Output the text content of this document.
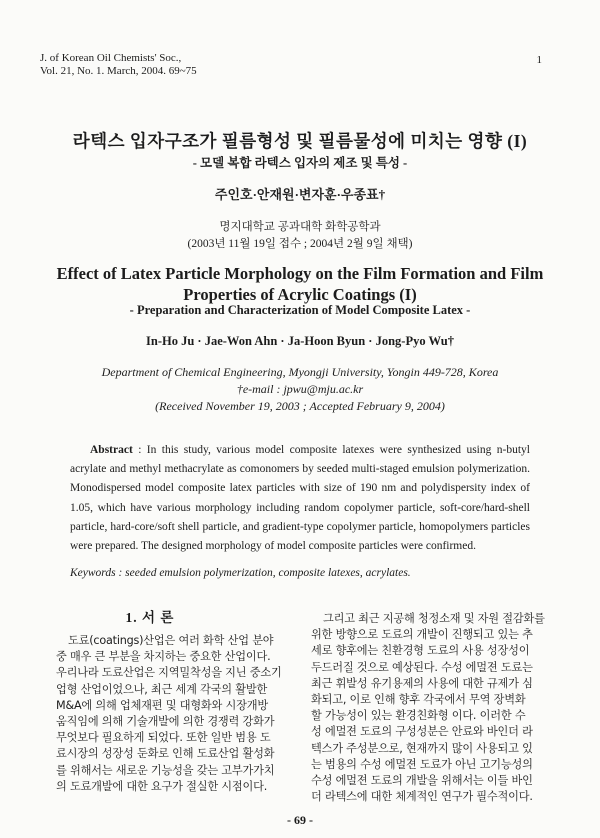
J. of Korean Oil Chemists' Soc.,
Vol. 21, No. 1. March, 2004. 69~75
1
라텍스 입자구조가 필름형성 및 필름물성에 미치는 영향 (I)
- 모델 복합 라텍스 입자의 제조 및 특성 -
주인호·안재원·변자훈·우종표†
명지대학교 공과대학 화학공학과
(2003년 11월 19일 접수 ; 2004년 2월 9일 채택)
Effect of Latex Particle Morphology on the Film Formation and Film
Properties of Acrylic Coatings (I)
- Preparation and Characterization of Model Composite Latex -
In-Ho Ju · Jae-Won Ahn · Ja-Hoon Byun · Jong-Pyo Wu†
Department of Chemical Engineering, Myongji University, Yongin 449-728, Korea
†e-mail : jpwu@mju.ac.kr
(Received November 19, 2003 ; Accepted February 9, 2004)
Abstract : In this study, various model composite latexes were synthesized using n-butyl acrylate and methyl methacrylate as comonomers by seeded multi-staged emulsion polymerization. Monodispersed model composite latex particles with size of 190 nm and polydispersity index of 1.05, which have various morphology including random copolymer particle, soft-core/hard-shell particle, hard-core/soft shell particle, and gradient-type copolymer particle, homopolymers particles were prepared. The designed morphology of model composite particles were confirmed.
Keywords : seeded emulsion polymerization, composite latexes, acrylates.
1. 서 론
도료(coatings)산업은 여러 화학 산업 분야
중 매우 큰 부분을 차지하는 중요한 산업이다.
우리나라 도료산업은 지역밀착성을 지닌 중소기
업형 산업이었으나, 최근 세계 각국의 활발한
M&A에 의해 업체재편 및 대형화와 시장개방
움직임에 의해 기술개발에 의한 경쟁력 강화가
무엇보다 필요하게 되었다. 또한 일반 범용 도
료시장의 성장성 둔화로 인해 도료산업 활성화
를 위해서는 새로운 기능성을 갖는 고부가가치
의 도료개발에 대한 요구가 절실한 시점이다.
그리고 최근 지공해 청정소재 및 자원 절감화를
위한 방향으로 도료의 개발이 진행되고 있는 추
세로 향후에는 친환경형 도료의 사용 성장성이
두드러질 것으로 예상된다. 수성 에멀젼 도료는
최근 휘발성 유기용제의 사용에 대한 규제가 심
화되고, 이로 인해 향후 각국에서 무역 장벽화
할 가능성이 있는 환경친화형 이다. 이러한 수
성 에멀젼 도료의 구성성분은 안료와 바인더 라
텍스가 주성분으로, 현재까지 많이 사용되고 있
는 범용의 수성 에멀젼 도료가 아닌 고기능성의
수성 에멀젼 도료의 개발을 위해서는 이들 바인
더 라텍스에 대한 체계적인 연구가 필수적이다.
- 69 -
